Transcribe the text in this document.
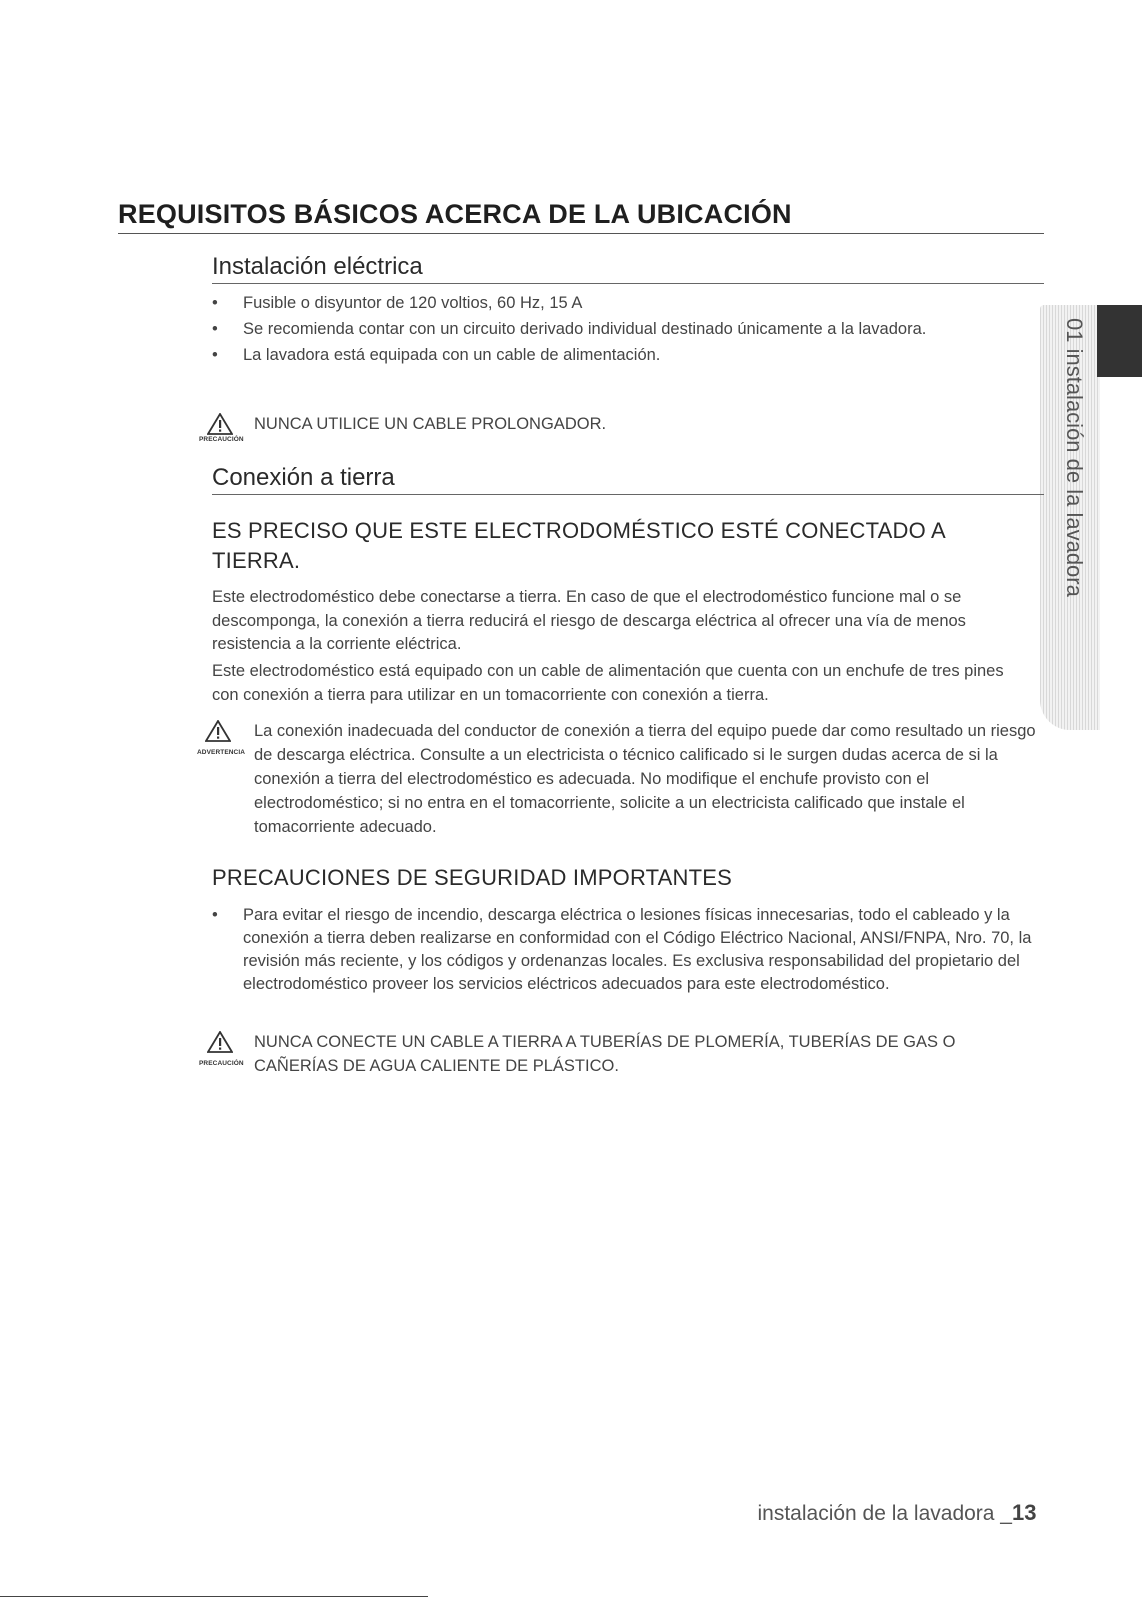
REQUISITOS BÁSICOS ACERCA DE LA UBICACIÓN
01 instalación de la lavadora
Instalación eléctrica
•	Fusible o disyuntor de 120 voltios, 60 Hz, 15 A
•	Se recomienda contar con un circuito derivado individual destinado únicamente a la lavadora.
•	La lavadora está equipada con un cable de alimentación.
PRECAUCIÓN
NUNCA UTILICE UN CABLE PROLONGADOR.
Conexión a tierra
ES PRECISO QUE ESTE ELECTRODOMÉSTICO ESTÉ CONECTADO A TIERRA.

Este electrodoméstico debe conectarse a tierra. En caso de que el electrodoméstico funcione mal o se descomponga, la conexión a tierra reducirá el riesgo de descarga eléctrica al ofrecer una vía de menos resistencia a la corriente eléctrica.

Este electrodoméstico está equipado con un cable de alimentación que cuenta con un enchufe de tres pines con conexión a tierra para utilizar en un tomacorriente con conexión a tierra.

ADVERTENCIA
La conexión inadecuada del conductor de conexión a tierra del equipo puede dar como resultado un riesgo de descarga eléctrica. Consulte a un electricista o técnico calificado si le surgen dudas acerca de si la conexión a tierra del electrodoméstico es adecuada. No modifique el enchufe provisto con el electrodoméstico; si no entra en el tomacorriente, solicite a un electricista calificado que instale el tomacorriente adecuado.
PRECAUCIONES DE SEGURIDAD IMPORTANTES
•	Para evitar el riesgo de incendio, descarga eléctrica o lesiones físicas innecesarias, todo el cableado y la conexión a tierra deben realizarse en conformidad con el Código Eléctrico Nacional, ANSI/FNPA, Nro. 70, la revisión más reciente, y los códigos y ordenanzas locales. Es exclusiva responsabilidad del propietario del electrodoméstico proveer los servicios eléctricos adecuados para este electrodoméstico.
PRECAUCIÓN
NUNCA CONECTE UN CABLE A TIERRA A TUBERÍAS DE PLOMERÍA, TUBERÍAS DE GAS O CAÑERÍAS DE AGUA CALIENTE DE PLÁSTICO.
instalación de la lavadora _ 13
